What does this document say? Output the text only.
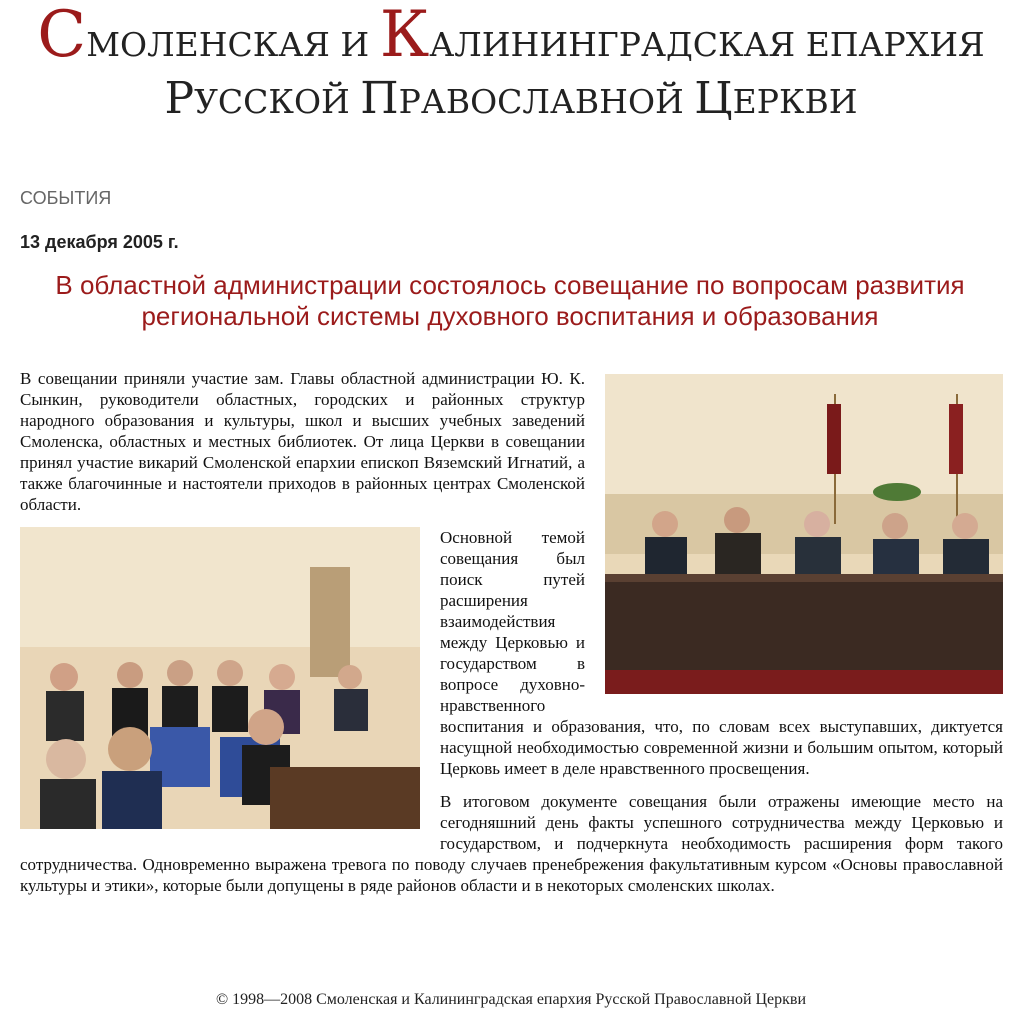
СМОЛЕНСКАЯ И КАЛИНИНГРАДСКАЯ ЕПАРХИЯ
РУССКОЙ ПРАВОСЛАВНОЙ ЦЕРКВИ
СОБЫТИЯ
13 декабря 2005 г.
В областной администрации состоялось совещание по вопросам развития региональной системы духовного воспитания и образования

В совещании приняли участие зам. Главы областной администрации Ю. К. Сынкин, руководители областных, городских и районных структур народного образования и культуры, школ и высших учебных заведений Смоленска, областных и местных библиотек. От лица Церкви в совещании принял участие викарий Смоленской епархии епископ Вяземский Игнатий, а также благочинные и настоятели приходов в районных центрах Смоленской области.

Основной темой совещания был поиск путей расширения взаимодействия между Церковью и государством в вопросе духовно-нравственного воспитания и образования, что, по словам всех выступавших, диктуется насущной необходимостью современной жизни и большим опытом, который Церковь имеет в деле нравственного просвещения.

В итоговом документе совещания были отражены имеющие место на сегодняшний день факты успешного сотрудничества между Церковью и государством, и подчеркнута необходимость расширения форм такого сотрудничества. Одновременно выражена тревога по поводу случаев пренебрежения факультативным курсом «Основы православной культуры и этики», которые были допущены в ряде районов области и в некоторых смоленских школах.

© 1998—2008 Смоленская и Калининградская епархия Русской Православной Церкви
